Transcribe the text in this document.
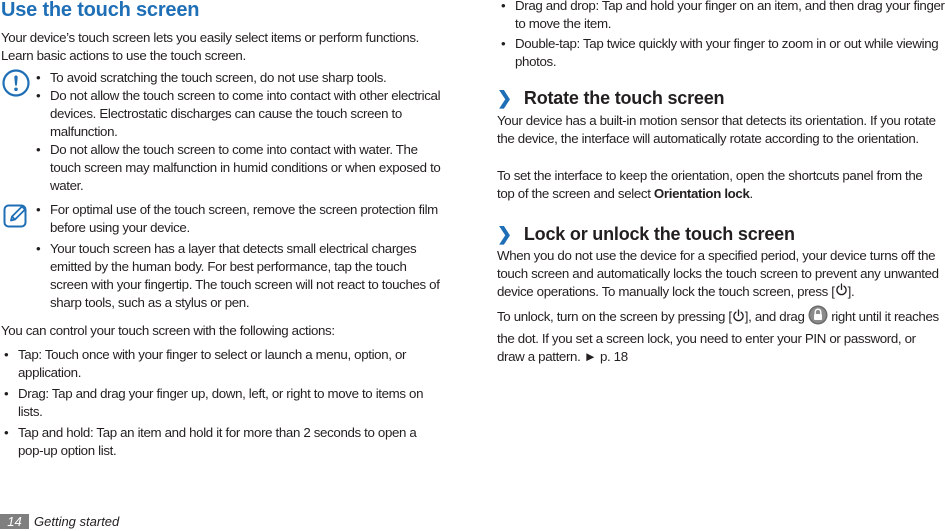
Use the touch screen

Your device’s touch screen lets you easily select items or perform functions. Learn basic actions to use the touch screen.

• To avoid scratching the touch screen, do not use sharp tools.
• Do not allow the touch screen to come into contact with other electrical devices. Electrostatic discharges can cause the touch screen to malfunction.
• Do not allow the touch screen to come into contact with water. The touch screen may malfunction in humid conditions or when exposed to water.
• For optimal use of the touch screen, remove the screen protection film before using your device.
• Your touch screen has a layer that detects small electrical charges emitted by the human body. For best performance, tap the touch screen with your fingertip. The touch screen will not react to touches of sharp tools, such as a stylus or pen.

You can control your touch screen with the following actions:

• Tap: Touch once with your finger to select or launch a menu, option, or application.
• Drag: Tap and drag your finger up, down, left, or right to move to items on lists.
• Tap and hold: Tap an item and hold it for more than 2 seconds to open a pop-up option list.
• Drag and drop: Tap and hold your finger on an item, and then drag your finger to move the item.
• Double-tap: Tap twice quickly with your finger to zoom in or out while viewing photos.
❯ Rotate the touch screen

Your device has a built-in motion sensor that detects its orientation. If you rotate the device, the interface will automatically rotate according to the orientation.

To set the interface to keep the orientation, open the shortcuts panel from the top of the screen and select Orientation lock.

❯ Lock or unlock the touch screen

When you do not use the device for a specified period, your device turns off the touch screen and automatically locks the touch screen to prevent any unwanted device operations. To manually lock the touch screen, press [ ].

To unlock, turn on the screen by pressing [ ], and drag  right until it reaches the dot. If you set a screen lock, you need to enter your PIN or password, or draw a pattern. ► p. 18

14 Getting started
